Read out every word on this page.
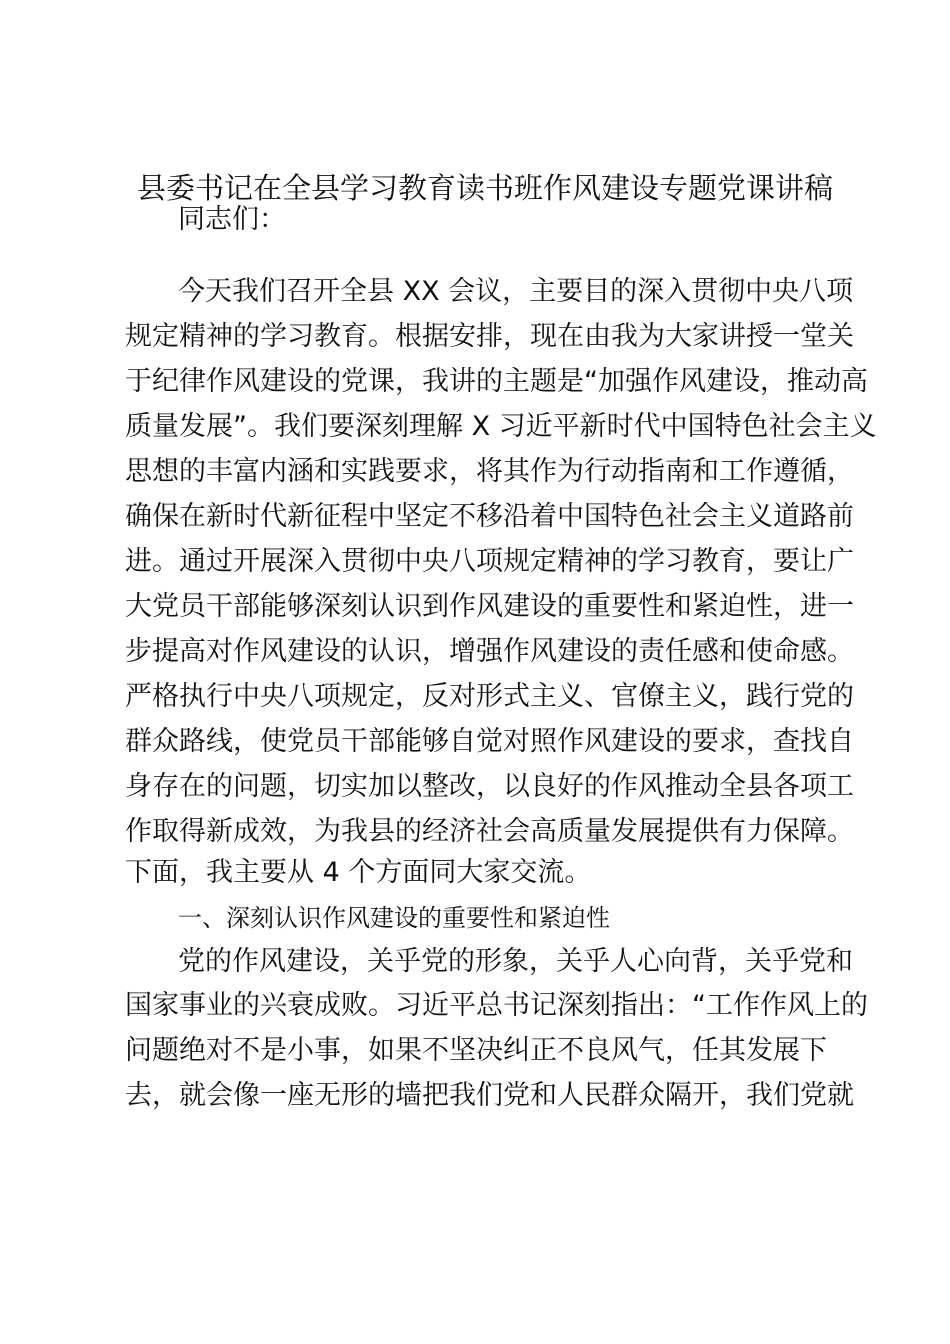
县委书记在全县学习教育读书班作风建设专题党课讲稿
同志们：
今天我们召开全县 XX 会议，主要目的深入贯彻中央八项
规定精神的学习教育。根据安排，现在由我为大家讲授一堂关
于纪律作风建设的党课，我讲的主题是“加强作风建设，推动高
质量发展”。我们要深刻理解 X 习近平新时代中国特色社会主义
思想的丰富内涵和实践要求，将其作为行动指南和工作遵循，
确保在新时代新征程中坚定不移沿着中国特色社会主义道路前
进。通过开展深入贯彻中央八项规定精神的学习教育，要让广
大党员干部能够深刻认识到作风建设的重要性和紧迫性，进一
步提高对作风建设的认识，增强作风建设的责任感和使命感。
严格执行中央八项规定，反对形式主义、官僚主义，践行党的
群众路线，使党员干部能够自觉对照作风建设的要求，查找自
身存在的问题，切实加以整改，以良好的作风推动全县各项工
作取得新成效，为我县的经济社会高质量发展提供有力保障。
下面，我主要从 4 个方面同大家交流。
一、深刻认识作风建设的重要性和紧迫性
党的作风建设，关乎党的形象，关乎人心向背，关乎党和
国家事业的兴衰成败。习近平总书记深刻指出：“工作作风上的
问题绝对不是小事，如果不坚决纠正不良风气，任其发展下
去，就会像一座无形的墙把我们党和人民群众隔开，我们党就
